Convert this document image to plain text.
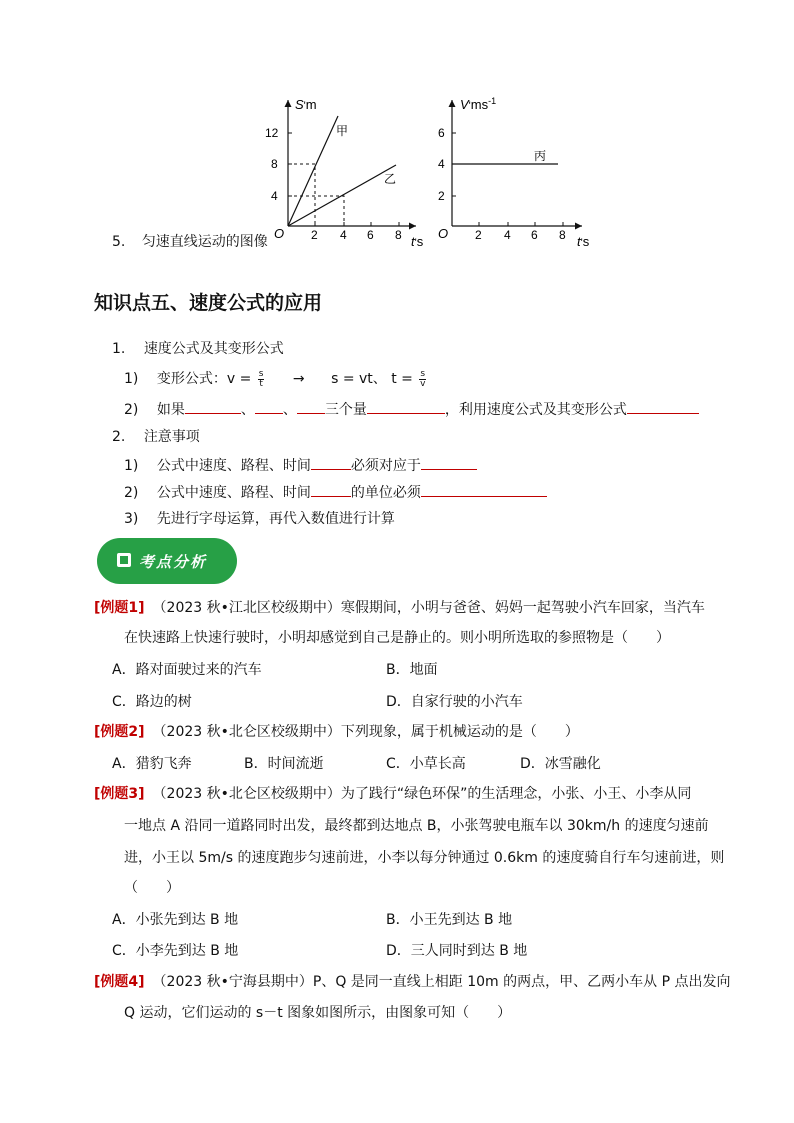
S'm
4
8
12
O 2 4 6 8 t's
甲
乙
$V'ms^{-1}$
2
4
6
O 2 4 6 8 t's
丙
5. 匀速直线运动的图像
知识点五、速度公式的应用
1. 速度公式及其变形公式
1) 变形公式：$v = \frac{s}{t} \to s$ = vt、 $t = \frac{s}{v}$
2) 如果	、 、 三个量	，利用速度公式及其变形公式
2. 注意事项
1) 公式中速度、路程、时间	必须对应于
2) 公式中速度、路程、时间	的单位必须
3) 先进行字母运算，再代入数值进行计算
考点分析
[例题1] （2023 秋•江北区校级期中）寒假期间，小明与爸爸、妈妈一起驾驶小汽车回家，当汽车
在快速路上快速行驶时，小明却感觉到自己是静止的。则小明所选取的参照物是（　　）
A．路对面驶过来的汽车	B．地面
C．路边的树	D．自家行驶的小汽车
[例题2] （2023 秋•北仑区校级期中）下列现象，属于机械运动的是（　　）
A．猎豹飞奔	B．时间流逝	C．小草长高	D．冰雪融化
[例题3] （2023 秋•北仑区校级期中）为了践行“绿色环保”的生活理念，小张、小王、小李从同
一地点 A 沿同一道路同时出发，最终都到达地点 B，小张驾驶电瓶车以 30km/h 的速度匀速前
进，小王以 5m/s 的速度跑步匀速前进，小李以每分钟通过 0.6km 的速度骑自行车匀速前进，则
（　　）
A．小张先到达 B 地	B．小王先到达 B 地
C．小李先到达 B 地	D．三人同时到达 B 地
[例题4] （2023 秋•宁海县期中）P、Q 是同一直线上相距 10m 的两点，甲、乙两小车从 P 点出发向
Q 运动，它们运动的 s－t 图象如图所示，由图象可知（　　）
